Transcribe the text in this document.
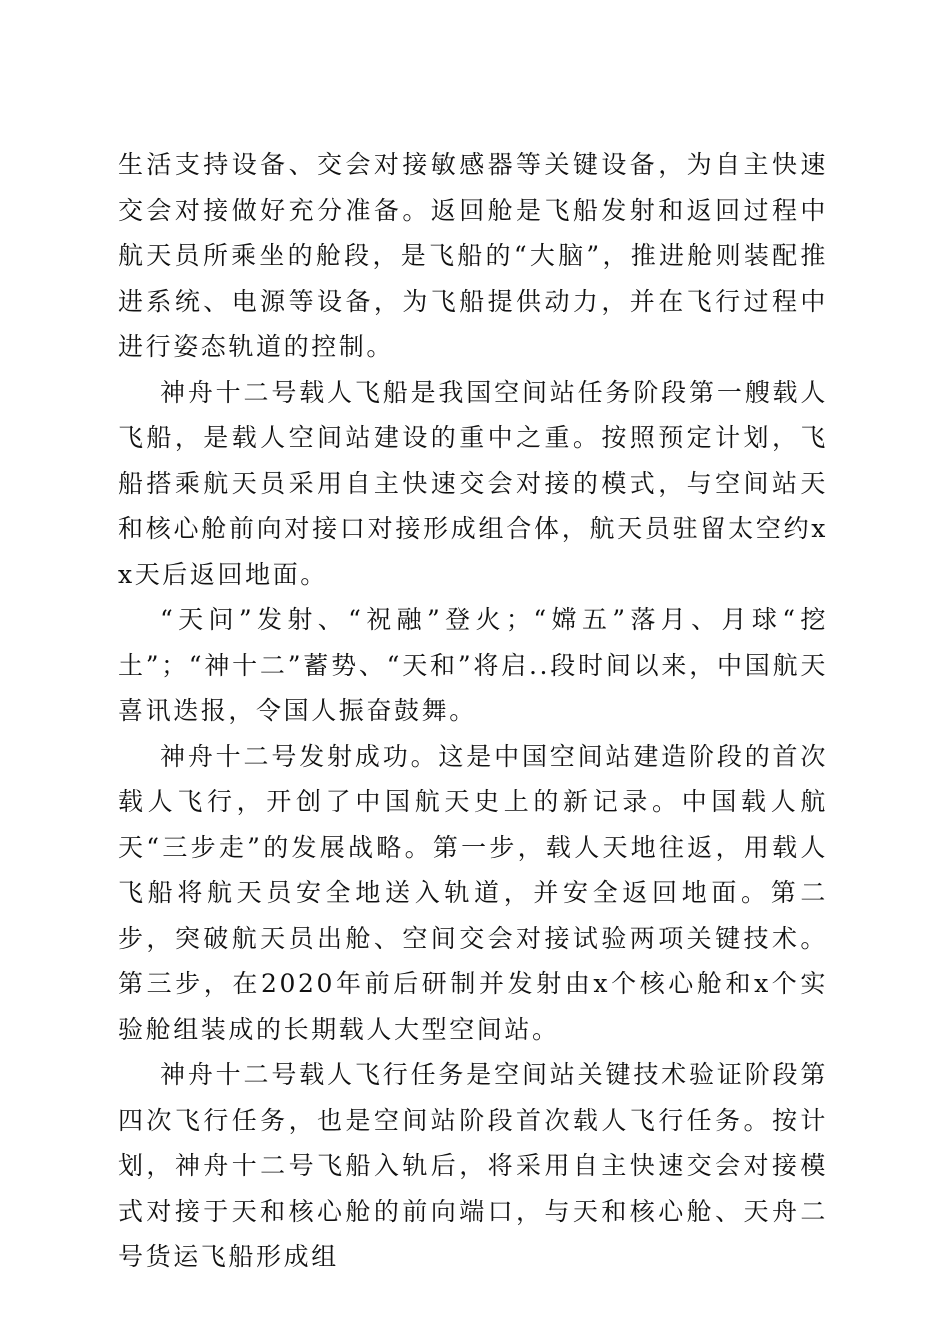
生活支持设备、交会对接敏感器等关键设备，为自主快速交会对接做好充分准备。返回舱是飞船发射和返回过程中航天员所乘坐的舱段，是飞船的“大脑”，推进舱则装配推进系统、电源等设备，为飞船提供动力，并在飞行过程中进行姿态轨道的控制。

神舟十二号载人飞船是我国空间站任务阶段第一艘载人飞船，是载人空间站建设的重中之重。按照预定计划，飞船搭乘航天员采用自主快速交会对接的模式，与空间站天和核心舱前向对接口对接形成组合体，航天员驻留太空约xx天后返回地面。

“天问”发射、“祝融”登火；“嫦五”落月、月球“挖土”；“神十二”蓄势、“天和”将启..段时间以来，中国航天喜讯迭报，令国人振奋鼓舞。

神舟十二号发射成功。这是中国空间站建造阶段的首次载人飞行，开创了中国航天史上的新记录。中国载人航天“三步走”的发展战略。第一步，载人天地往返，用载人飞船将航天员安全地送入轨道，并安全返回地面。第二步，突破航天员出舱、空间交会对接试验两项关键技术。第三步，在2020年前后研制并发射由x个核心舱和x个实验舱组装成的长期载人大型空间站。

神舟十二号载人飞行任务是空间站关键技术验证阶段第四次飞行任务，也是空间站阶段首次载人飞行任务。按计划，神舟十二号飞船入轨后，将采用自主快速交会对接模式对接于天和核心舱的前向端口，与天和核心舱、天舟二号货运飞船形成组
